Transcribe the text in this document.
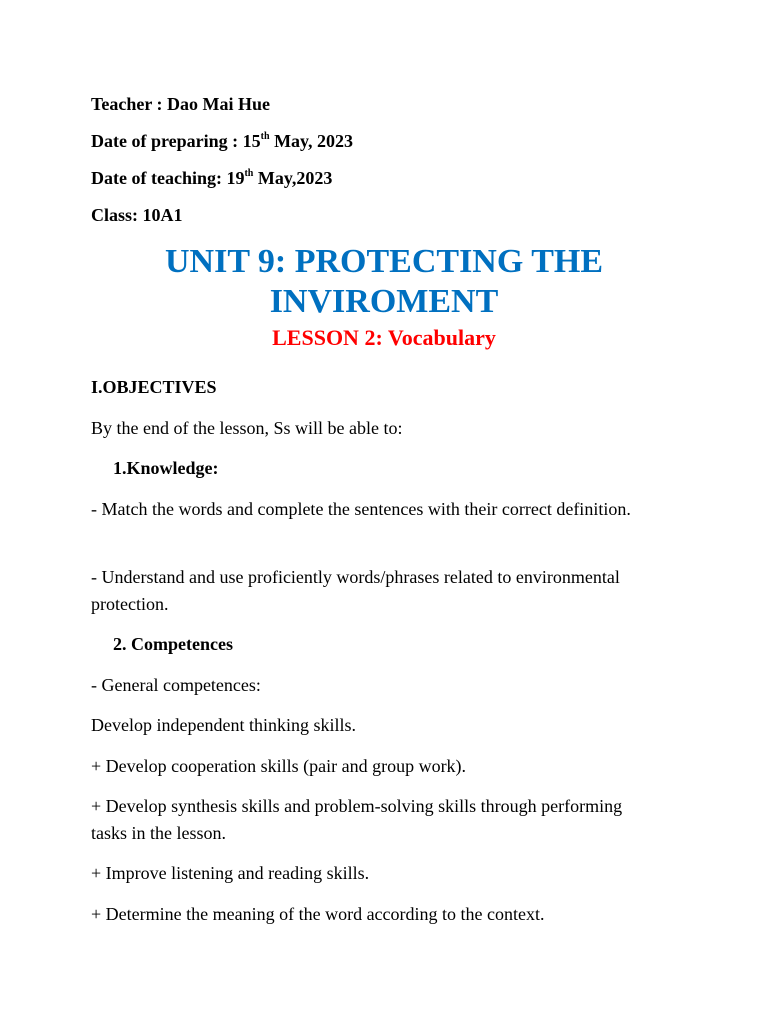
Teacher : Dao Mai Hue
Date of preparing : 15th May, 2023
Date of teaching: 19th May,2023
Class: 10A1
UNIT 9: PROTECTING THE
INVIROMENT
LESSON 2: Vocabulary
I.OBJECTIVES
By the end of the lesson, Ss will be able to:
1.Knowledge:
- Match the words and complete the sentences with their correct definition.
- Understand and use proficiently words/phrases related to environmental protection.
2. Competences
- General competences:
Develop independent thinking skills.
+ Develop cooperation skills (pair and group work).
+ Develop synthesis skills and problem-solving skills through performing tasks in the lesson.
+ Improve listening and reading skills.
+ Determine the meaning of the word according to the context.
